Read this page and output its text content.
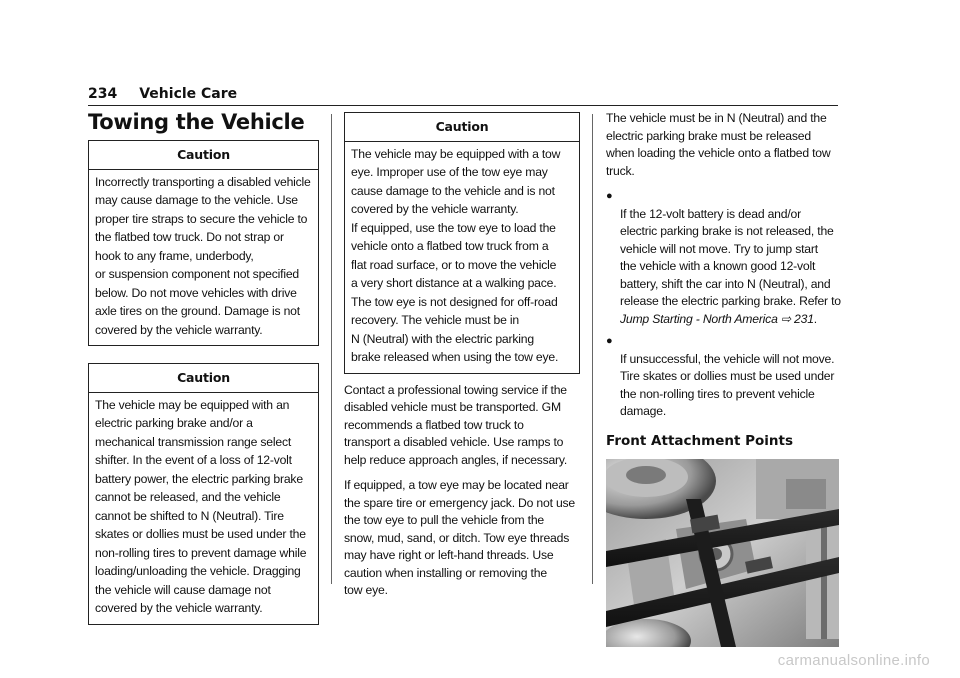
234 Vehicle Care
Towing the Vehicle
Caution
Incorrectly transporting a disabled vehicle
may cause damage to the vehicle. Use
proper tire straps to secure the vehicle to
the flatbed tow truck. Do not strap or
hook to any frame, underbody,
or suspension component not specified
below. Do not move vehicles with drive
axle tires on the ground. Damage is not
covered by the vehicle warranty.
Caution
The vehicle may be equipped with an
electric parking brake and/or a
mechanical transmission range select
shifter. In the event of a loss of 12-volt
battery power, the electric parking brake
cannot be released, and the vehicle
cannot be shifted to N (Neutral). Tire
skates or dollies must be used under the
non-rolling tires to prevent damage while
loading/unloading the vehicle. Dragging
the vehicle will cause damage not
covered by the vehicle warranty.
Caution
The vehicle may be equipped with a tow
eye. Improper use of the tow eye may
cause damage to the vehicle and is not
covered by the vehicle warranty.
If equipped, use the tow eye to load the
vehicle onto a flatbed tow truck from a
flat road surface, or to move the vehicle
a very short distance at a walking pace.
The tow eye is not designed for off-road
recovery. The vehicle must be in
N (Neutral) with the electric parking
brake released when using the tow eye.

Contact a professional towing service if the
disabled vehicle must be transported. GM
recommends a flatbed tow truck to
transport a disabled vehicle. Use ramps to
help reduce approach angles, if necessary.

If equipped, a tow eye may be located near
the spare tire or emergency jack. Do not use
the tow eye to pull the vehicle from the
snow, mud, sand, or ditch. Tow eye threads
may have right or left-hand threads. Use
caution when installing or removing the
tow eye.

The vehicle must be in N (Neutral) and the
electric parking brake must be released
when loading the vehicle onto a flatbed tow
truck.

●
If the 12-volt battery is dead and/or
electric parking brake is not released, the
vehicle will not move. Try to jump start
the vehicle with a known good 12-volt
battery, shift the car into N (Neutral), and
release the electric parking brake. Refer to
Jump Starting - North America ⇨ 231.

●
If unsuccessful, the vehicle will not move.
Tire skates or dollies must be used under
the non-rolling tires to prevent vehicle
damage.

Front Attachment Points
carmanualsonline.info
